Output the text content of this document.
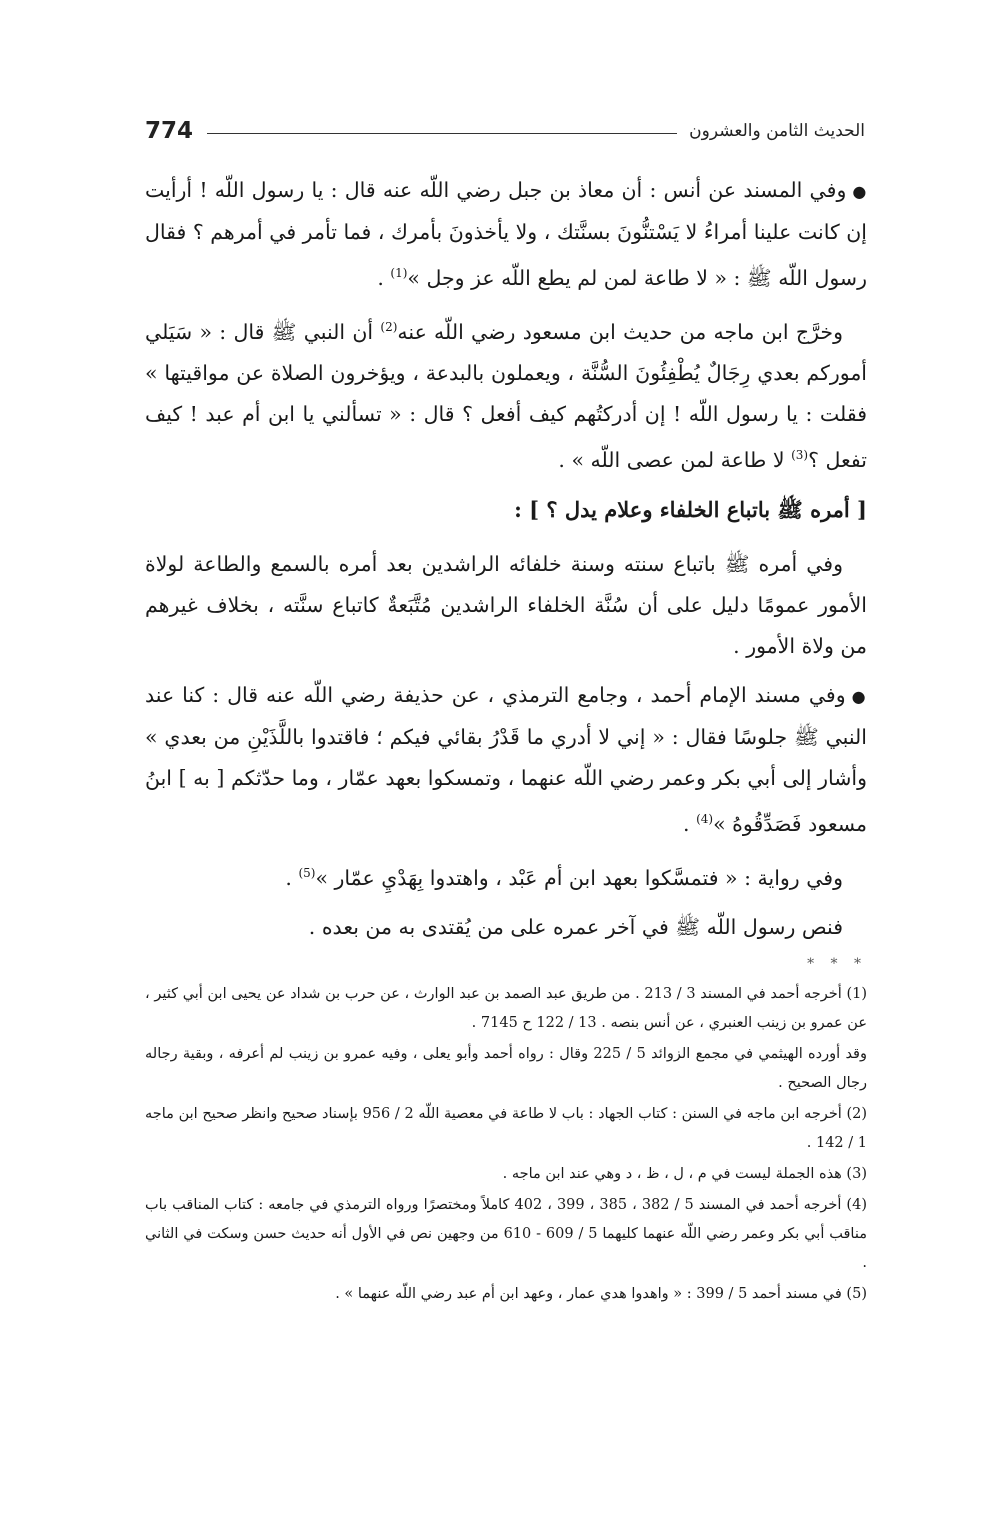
774	الحديث الثامن والعشرون

●وفي المسند عن أنس : أن معاذ بن جبل رضي اللّه عنه قال : يا رسول اللّه ! أرأيت إن كانت علينا أمراءُ لا يَسْتنُّونَ بسنَّتك ، ولا يأخذونَ بأمرك ، فما تأمر في أمرهم ؟ فقال رسول اللّه ﷺ : « لا طاعة لمن لم يطع اللّه عز وجل »$^{(1)}$ .

وخرَّج ابن ماجه من حديث ابن مسعود رضي اللّه عنه$^{(2)}$ أن النبي ﷺ قال : « سَيَلي أموركم بعدي رِجَالٌ يُطْفِئُونَ السُّنَّة ، ويعملون بالبدعة ، ويؤخرون الصلاة عن مواقيتها » فقلت : يا رسول اللّه ! إن أدركتُهم كيف أفعل ؟ قال : « تسألني يا ابن أم عبد ! كيف تفعل ؟$^{(3)}$ لا طاعة لمن عصى اللّه » .

[ أمره ﷺ باتباع الخلفاء وعلام يدل ؟ ] :

وفي أمره ﷺ باتباع سنته وسنة خلفائه الراشدين بعد أمره بالسمع والطاعة لولاة الأمور عمومًا دليل على أن سُنَّة الخلفاء الراشدين مُتَّبَعةٌ كاتباع سنَّته ، بخلاف غيرهم من ولاة الأمور .

●وفي مسند الإمام أحمد ، وجامع الترمذي ، عن حذيفة رضي اللّه عنه قال : كنا عند النبي ﷺ جلوسًا فقال : « إني لا أدري ما قَدْرُ بقائي فيكم ؛ فاقتدوا باللَّذَيْنِ من بعدي » وأشار إلى أبي بكر وعمر رضي اللّه عنهما ، وتمسكوا بعهد عمّار ، وما حدّثكم [ به ] ابنُ مسعود فَصَدِّقُوهُ »$^{(4)}$ .

وفي رواية : « فتمسَّكوا بعهد ابن أم عَبْد ، واهتدوا بِهَدْيِ عمّار »$^{(5)}$ .

فنص رسول اللّه ﷺ في آخر عمره على من يُقتدى به من بعده .

* * *

(1) أخرجه أحمد في المسند 3 / 213 . من طريق عبد الصمد بن عبد الوارث ، عن حرب بن شداد عن يحيى ابن أبي كثير ، عن عمرو بن زينب العنبري ، عن أنس بنصه . 13 / 122 ح 7145 .

وقد أورده الهيثمي في مجمع الزوائد 5 / 225 وقال : رواه أحمد وأبو يعلى ، وفيه عمرو بن زينب لم أعرفه ، وبقية رجاله رجال الصحيح .

(2) أخرجه ابن ماجه في السنن : كتاب الجهاد : باب لا طاعة في معصية اللّه 2 / 956 بإسناد صحيح وانظر صحيح ابن ماجه 1 / 142 .

(3) هذه الجملة ليست في م ، ل ، ظ ، د وهي عند ابن ماجه .

(4) أخرجه أحمد في المسند 5 / 382 ، 385 ، 399 ، 402 كاملاً ومختصرًا ورواه الترمذي في جامعه : كتاب المناقب باب مناقب أبي بكر وعمر رضي اللّه عنهما كليهما 5 / 609 - 610 من وجهين نص في الأول أنه حديث حسن وسكت في الثاني .

(5) في مسند أحمد 5 / 399 : « واهدوا هدي عمار ، وعهد ابن أم عبد رضي اللّه عنهما » .
